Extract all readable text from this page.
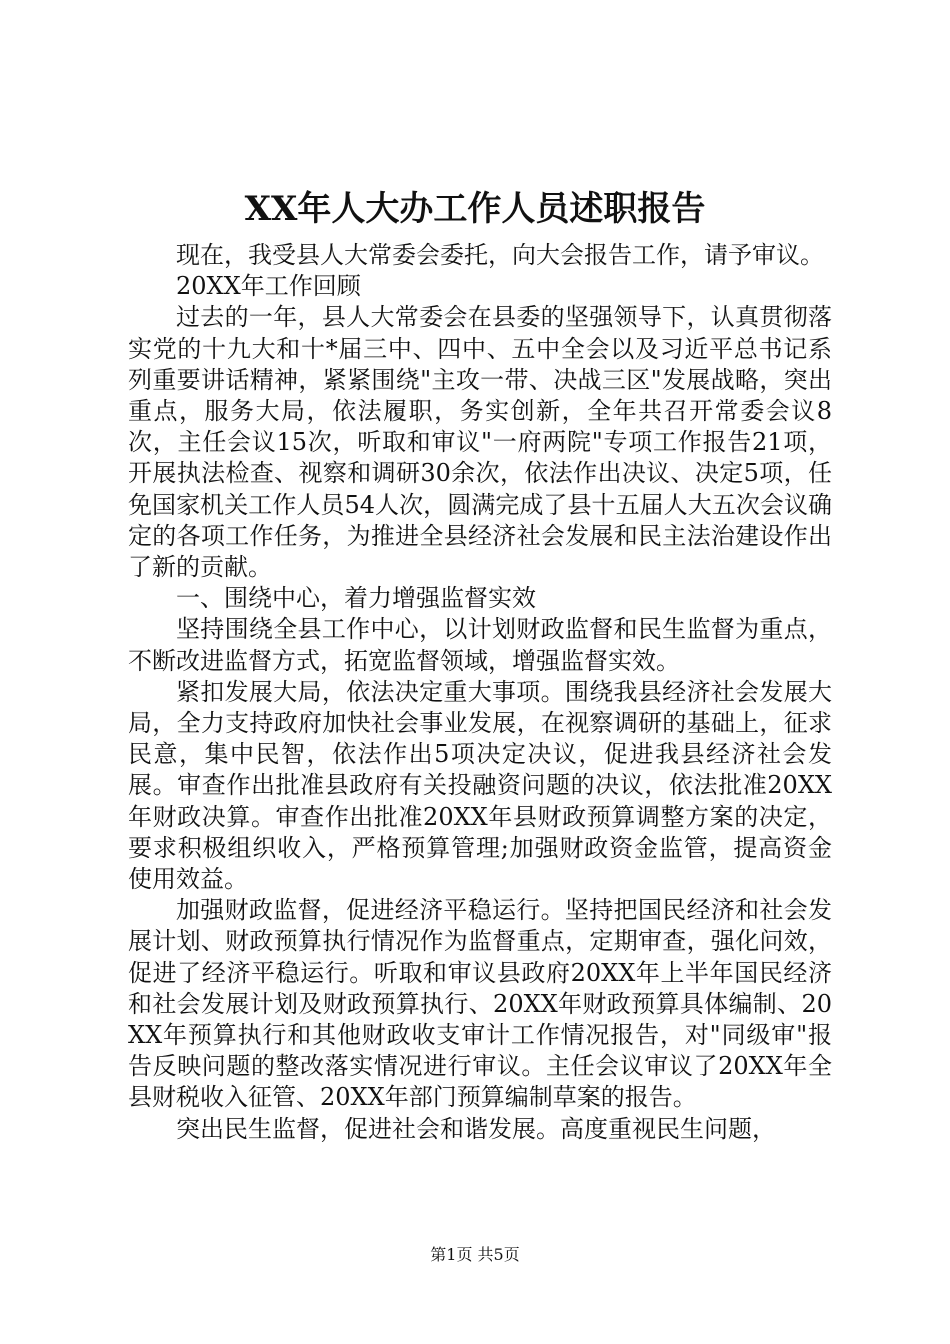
XX年人大办工作人员述职报告

现在，我受县人大常委会委托，向大会报告工作，请予审议。

20XX年工作回顾

过去的一年，县人大常委会在县委的坚强领导下，认真贯彻落实党的十九大和十*届三中、四中、五中全会以及习近平总书记系列重要讲话精神，紧紧围绕"主攻一带、决战三区"发展战略，突出重点，服务大局，依法履职，务实创新，全年共召开常委会议8次，主任会议15次，听取和审议"一府两院"专项工作报告21项，开展执法检查、视察和调研30余次，依法作出决议、决定5项，任免国家机关工作人员54人次，圆满完成了县十五届人大五次会议确定的各项工作任务，为推进全县经济社会发展和民主法治建设作出了新的贡献。

一、围绕中心，着力增强监督实效

坚持围绕全县工作中心，以计划财政监督和民生监督为重点，不断改进监督方式，拓宽监督领域，增强监督实效。

紧扣发展大局，依法决定重大事项。围绕我县经济社会发展大局，全力支持政府加快社会事业发展，在视察调研的基础上，征求民意，集中民智，依法作出5项决定决议，促进我县经济社会发展。审查作出批准县政府有关投融资问题的决议，依法批准20XX年财政决算。审查作出批准20XX年县财政预算调整方案的决定，要求积极组织收入，严格预算管理;加强财政资金监管，提高资金使用效益。

加强财政监督，促进经济平稳运行。坚持把国民经济和社会发展计划、财政预算执行情况作为监督重点，定期审查，强化问效，促进了经济平稳运行。听取和审议县政府20XX年上半年国民经济和社会发展计划及财政预算执行、20XX年财政预算具体编制、20XX年预算执行和其他财政收支审计工作情况报告，对"同级审"报告反映问题的整改落实情况进行审议。主任会议审议了20XX年全县财税收入征管、20XX年部门预算编制草案的报告。

突出民生监督，促进社会和谐发展。高度重视民生问题，

第1页 共5页
